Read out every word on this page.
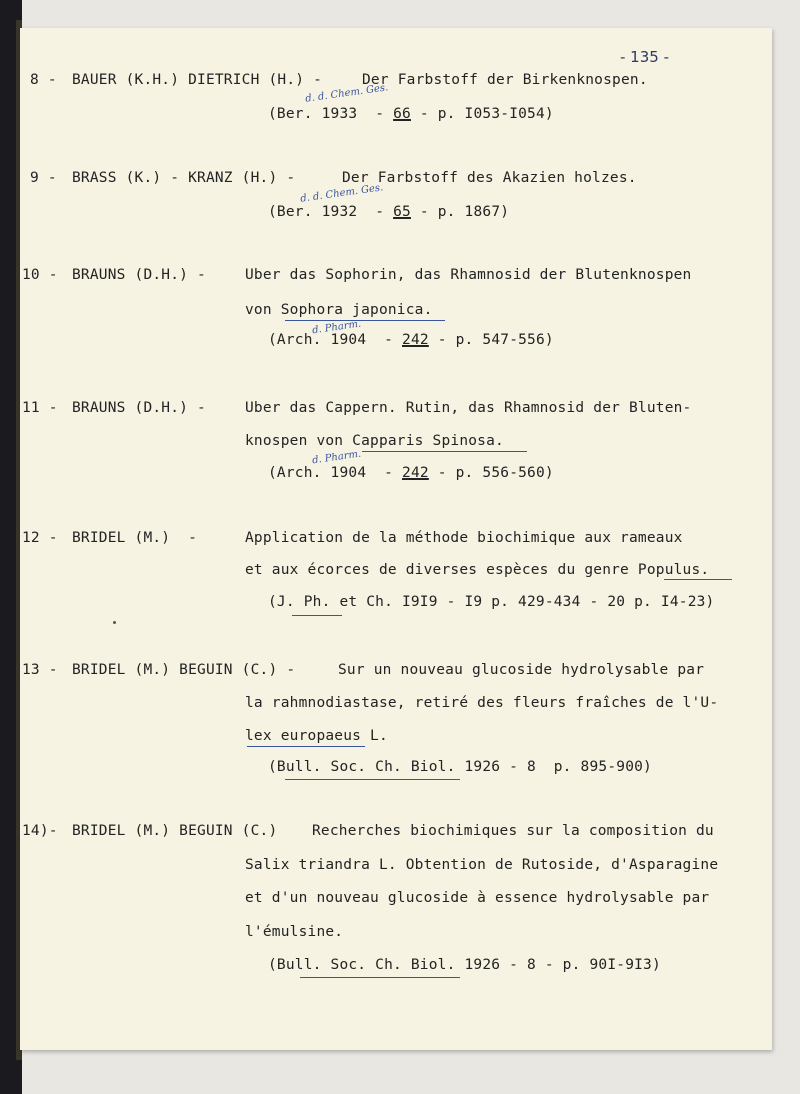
- 135 -
8 - BAUER (K.H.) DIETRICH (H.) -	Der Farbstoff der Birkenknospen.
d. d. Chem. Ges.
(Ber. 1933 - 66 - p. I053-I054)
9 - BRASS (K.) - KRANZ (H.) -	Der Farbstoff des Akazien holzes.
d. d. Chem. Ges.
(Ber. 1932 - 65 - p. 1867)
10 - BRAUNS (D.H.) -	Uber das Sophorin, das Rhamnosid der Blutenknospen
von Sophora japonica.
d. Pharm.
(Arch. 1904 - 242 - p. 547-556)
11 - BRAUNS (D.H.) -	Uber das Cappern. Rutin, das Rhamnosid der Bluten-
knospen von Capparis Spinosa.
d. Pharm.
(Arch. 1904 - 242 - p. 556-560)
12 - BRIDEL (M.)  -	Application de la méthode biochimique aux rameaux
et aux écorces de diverses espèces du genre Populus.
(J. Ph. et Ch. I9I9 - I9 p. 429-434 - 20 p. I4-23)
13 - BRIDEL (M.) BEGUIN (C.) -	Sur un nouveau glucoside hydrolysable par
la rahmnodiastase, retiré des fleurs fraîches de l'U-
lex europaeus L.
(Bull. Soc. Ch. Biol. 1926 - 8  p. 895-900)
14)- BRIDEL (M.) BEGUIN (C.) Recherches biochimiques sur la composition du
Salix triandra L. Obtention de Rutoside, d'Asparagine
et d'un nouveau glucoside à essence hydrolysable par
l'émulsine.
(Bull. Soc. Ch. Biol. 1926 - 8 - p. 90I-9I3)
